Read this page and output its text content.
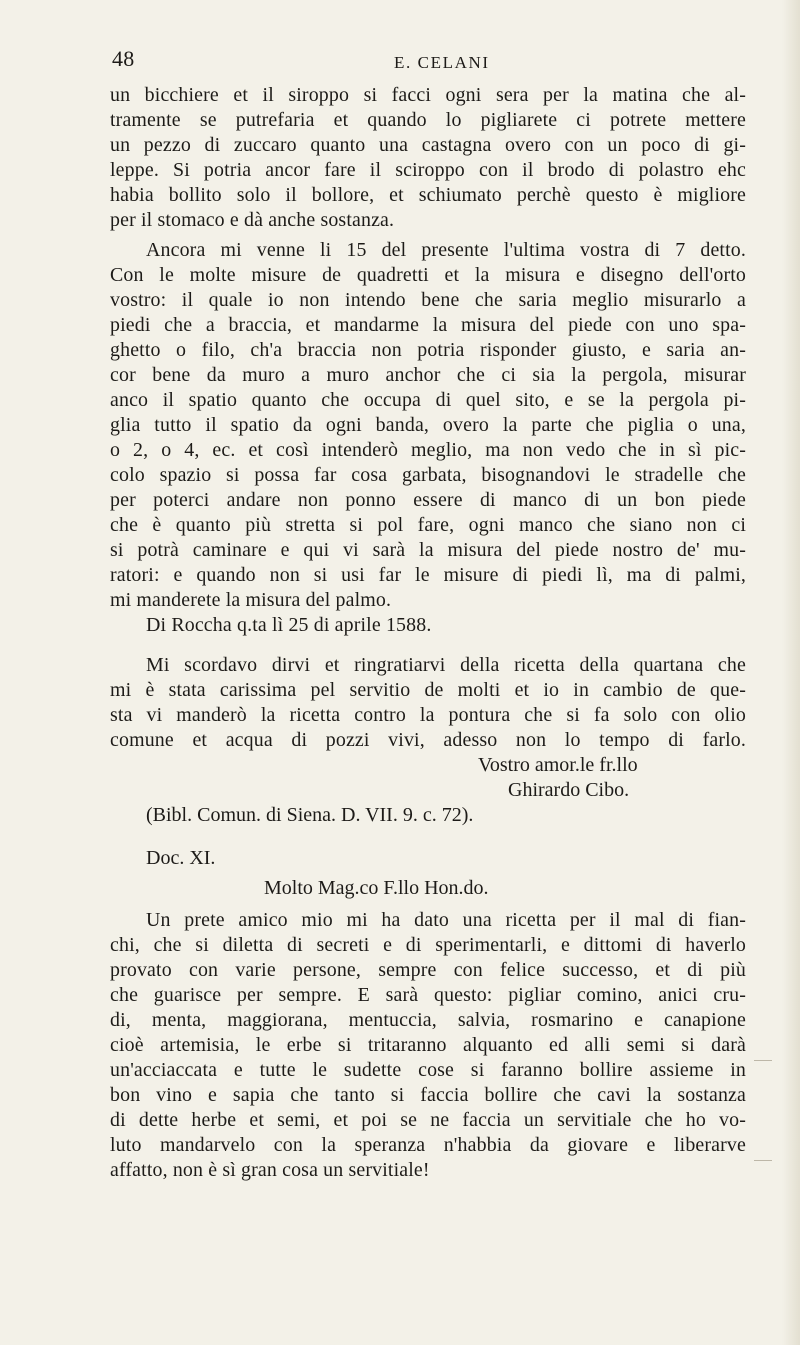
48	E. CELANI
un bicchiere et il siroppo si facci ogni sera per la matina che al-
tramente se putrefaria et quando lo pigliarete ci potrete mettere
un pezzo di zuccaro quanto una castagna overo con un poco di gi-
leppe. Si potria ancor fare il sciroppo con il brodo di polastro ehc
habia bollito solo il bollore, et schiumato perchè questo è migliore
per il stomaco e dà anche sostanza.
Ancora mi venne li 15 del presente l'ultima vostra di 7 detto.
Con le molte misure de quadretti et la misura e disegno dell'orto
vostro: il quale io non intendo bene che saria meglio misurarlo a
piedi che a braccia, et mandarme la misura del piede con uno spa-
ghetto o filo, ch'a braccia non potria risponder giusto, e saria an-
cor bene da muro a muro anchor che ci sia la pergola, misurar
anco il spatio quanto che occupa di quel sito, e se la pergola pi-
glia tutto il spatio da ogni banda, overo la parte che piglia o una,
o 2, o 4, ec. et così intenderò meglio, ma non vedo che in sì pic-
colo spazio si possa far cosa garbata, bisognandovi le stradelle che
per poterci andare non ponno essere di manco di un bon piede
che è quanto più stretta si pol fare, ogni manco che siano non ci
si potrà caminare e qui vi sarà la misura del piede nostro de' mu-
ratori: e quando non si usi far le misure di piedi lì, ma di palmi,
mi manderete la misura del palmo.
Di Roccha q.ta lì 25 di aprile 1588.
Mi scordavo dirvi et ringratiarvi della ricetta della quartana che
mi è stata carissima pel servitio de molti et io in cambio de que-
sta vi manderò la ricetta contro la pontura che si fa solo con olio
comune et acqua di pozzi vivi, adesso non lo tempo di farlo.
Vostro amor.le fr.llo
Ghirardo Cibo.
(Bibl. Comun. di Siena. D. VII. 9. c. 72).
Doc. XI.
Molto Mag.co F.llo Hon.do.
Un prete amico mio mi ha dato una ricetta per il mal di fian-
chi, che si diletta di secreti e di sperimentarli, e dittomi di haverlo
provato con varie persone, sempre con felice successo, et di più
che guarisce per sempre. E sarà questo: pigliar comino, anici cru-
di, menta, maggiorana, mentuccia, salvia, rosmarino e canapione
cioè artemisia, le erbe si tritaranno alquanto ed alli semi si darà
un'acciaccata e tutte le sudette cose si faranno bollire assieme in
bon vino e sapia che tanto si faccia bollire che cavi la sostanza
di dette herbe et semi, et poi se ne faccia un servitiale che ho vo-
luto mandarvelo con la speranza n'habbia da giovare e liberarve
affatto, non è sì gran cosa un servitiale!
